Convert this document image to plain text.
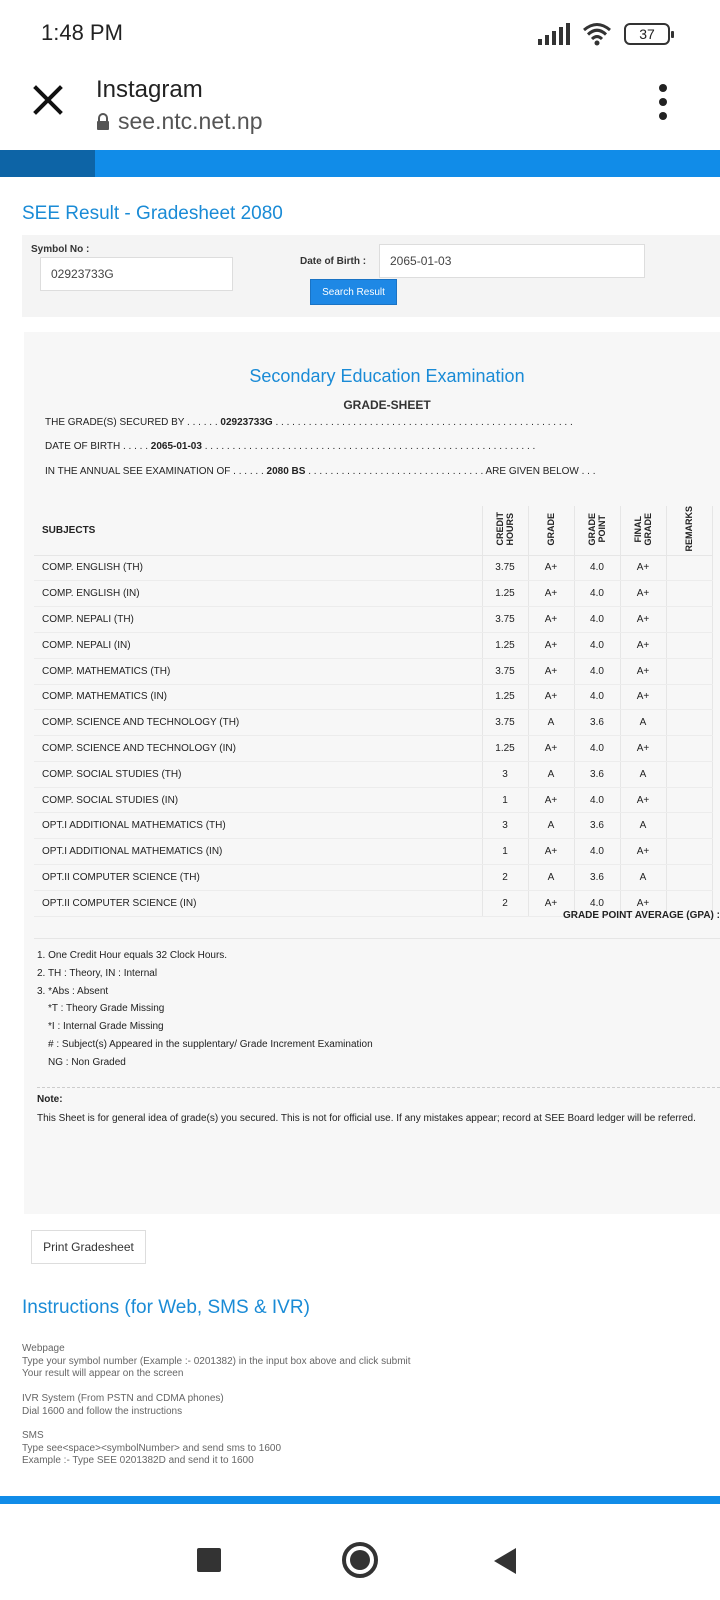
1:48 PM	37
Instagram
see.ntc.net.np
SEE Result - Gradesheet 2080
Symbol No :
02923733G
Date of Birth :	2065-01-03
Search Result
Secondary Education Examination
GRADE-SHEET
THE GRADE(S) SECURED BY . . . . . . 02923733G . . . . . . . . . . . . . . . . . . . . . . . . . . . . . . . . . . . . . . . . . . . . . . . . . . . . . .
DATE OF BIRTH . . . . . 2065-01-03 . . . . . . . . . . . . . . . . . . . . . . . . . . . . . . . . . . . . . . . . . . . . . . . . . . . . . . . . . . . .
IN THE ANNUAL SEE EXAMINATION OF . . . . . . 2080 BS . . . . . . . . . . . . . . . . . . . . . . . . . . . . . . . . ARE GIVEN BELOW . . .
SUBJECTS	CREDIT HOURS	GRADE	GRADE POINT	FINAL GRADE	REMARKS
COMP. ENGLISH (TH)	3.75	A+	4.0	A+	
COMP. ENGLISH (IN)	1.25	A+	4.0	A+	
COMP. NEPALI (TH)	3.75	A+	4.0	A+	
COMP. NEPALI (IN)	1.25	A+	4.0	A+	
COMP. MATHEMATICS (TH)	3.75	A+	4.0	A+	
COMP. MATHEMATICS (IN)	1.25	A+	4.0	A+	
COMP. SCIENCE AND TECHNOLOGY (TH)	3.75	A	3.6	A	
COMP. SCIENCE AND TECHNOLOGY (IN)	1.25	A+	4.0	A+	
COMP. SOCIAL STUDIES (TH)	3	A	3.6	A	
COMP. SOCIAL STUDIES (IN)	1	A+	4.0	A+	
OPT.I ADDITIONAL MATHEMATICS (TH)	3	A	3.6	A	
OPT.I ADDITIONAL MATHEMATICS (IN)	1	A+	4.0	A+	
OPT.II COMPUTER SCIENCE (TH)	2	A	3.6	A	
OPT.II COMPUTER SCIENCE (IN)	2	A+	4.0	A+	
GRADE POINT AVERAGE (GPA) :
1. One Credit Hour equals 32 Clock Hours.
2. TH : Theory, IN : Internal
3. *Abs : Absent
*T : Theory Grade Missing
*I : Internal Grade Missing
# : Subject(s) Appeared in the supplentary/ Grade Increment Examination
NG : Non Graded
Note:
This Sheet is for general idea of grade(s) you secured. This is not for official use. If any mistakes appear; record at SEE Board ledger will be referred.
Print Gradesheet
Instructions (for Web, SMS & IVR)
Webpage
Type your symbol number (Example :- 0201382) in the input box above and click submit
Your result will appear on the screen
IVR System (From PSTN and CDMA phones)
Dial 1600 and follow the instructions
SMS
Type see<space><symbolNumber> and send sms to 1600
Example :- Type SEE 0201382D and send it to 1600
